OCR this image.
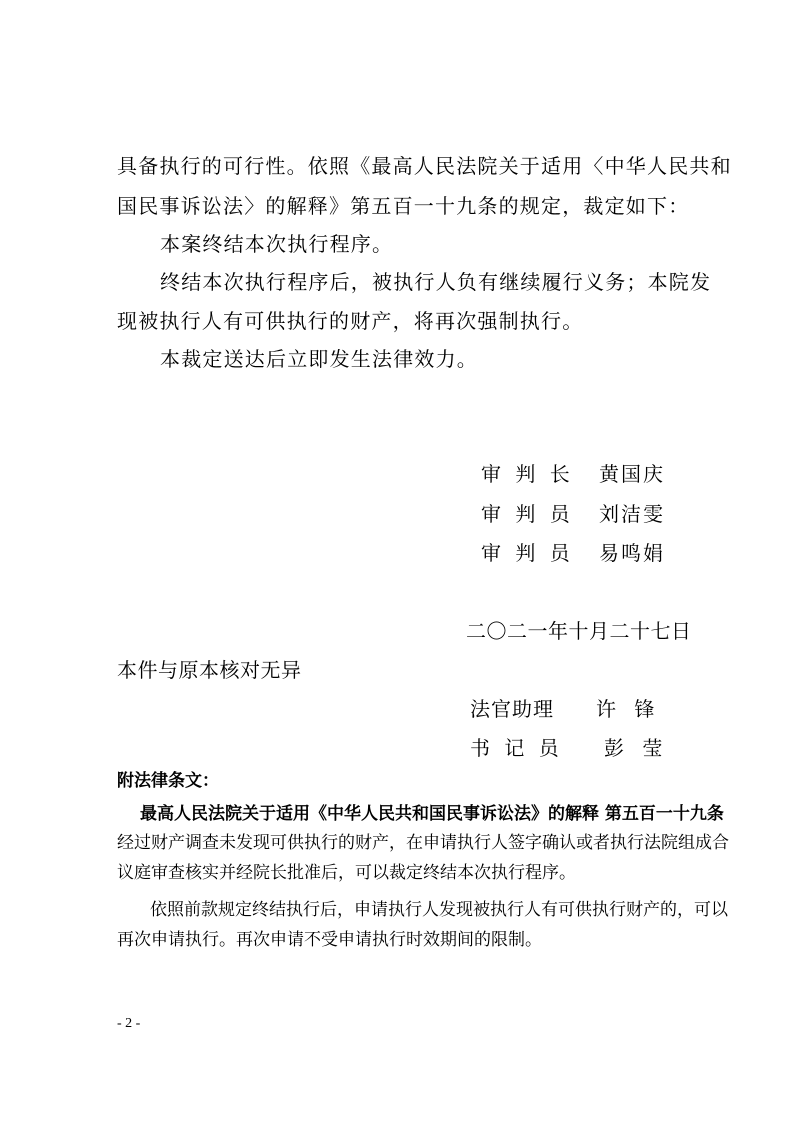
具备执行的可行性。依照《最高人民法院关于适用〈中华人民共和
国民事诉讼法〉的解释》第五百一十九条的规定，裁定如下：
本案终结本次执行程序。
终结本次执行程序后，被执行人负有继续履行义务；本院发
现被执行人有可供执行的财产，将再次强制执行。
本裁定送达后立即发生法律效力。
审 判 长 黄国庆
审 判 员 刘洁雯
审 判 员 易鸣娟
二〇二一年十月二十七日
本件与原本核对无异
法官助理 许 锋
书 记 员 彭 莹
附法律条文：
最高人民法院关于适用《中华人民共和国民事诉讼法》的解释 第五百一十九条
经过财产调查未发现可供执行的财产，在申请执行人签字确认或者执行法院组成合
议庭审查核实并经院长批准后，可以裁定终结本次执行程序。
依照前款规定终结执行后，申请执行人发现被执行人有可供执行财产的，可以
再次申请执行。再次申请不受申请执行时效期间的限制。
- 2 -
